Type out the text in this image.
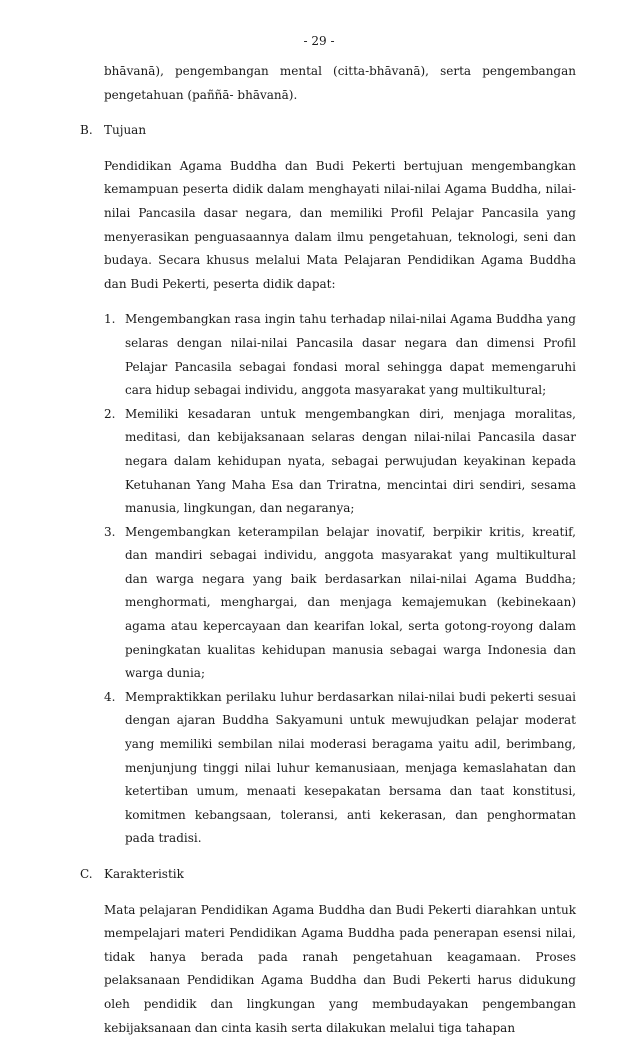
- 29 -

bhāvanā), pengembangan mental (citta-bhāvanā), serta pengembangan pengetahuan (paññā- bhāvanā).

B. Tujuan

Pendidikan Agama Buddha dan Budi Pekerti bertujuan mengembangkan kemampuan peserta didik dalam menghayati nilai-nilai Agama Buddha, nilai-nilai Pancasila dasar negara, dan memiliki Profil Pelajar Pancasila yang menyerasikan penguasaannya dalam ilmu pengetahuan, teknologi, seni dan budaya. Secara khusus melalui Mata Pelajaran Pendidikan Agama Buddha dan Budi Pekerti, peserta didik dapat:

1. Mengembangkan rasa ingin tahu terhadap nilai-nilai Agama Buddha yang selaras dengan nilai-nilai Pancasila dasar negara dan dimensi Profil Pelajar Pancasila sebagai fondasi moral sehingga dapat memengaruhi cara hidup sebagai individu, anggota masyarakat yang multikultural;
2. Memiliki kesadaran untuk mengembangkan diri, menjaga moralitas, meditasi, dan kebijaksanaan selaras dengan nilai-nilai Pancasila dasar negara dalam kehidupan nyata, sebagai perwujudan keyakinan kepada Ketuhanan Yang Maha Esa dan Triratna, mencintai diri sendiri, sesama manusia, lingkungan, dan negaranya;
3. Mengembangkan keterampilan belajar inovatif, berpikir kritis, kreatif, dan mandiri sebagai individu, anggota masyarakat yang multikultural dan warga negara yang baik berdasarkan nilai-nilai Agama Buddha; menghormati, menghargai, dan menjaga kemajemukan (kebinekaan) agama atau kepercayaan dan kearifan lokal, serta gotong-royong dalam peningkatan kualitas kehidupan manusia sebagai warga Indonesia dan warga dunia;
4. Mempraktikkan perilaku luhur berdasarkan nilai-nilai budi pekerti sesuai dengan ajaran Buddha Sakyamuni untuk mewujudkan pelajar moderat yang memiliki sembilan nilai moderasi beragama yaitu adil, berimbang, menjunjung tinggi nilai luhur kemanusiaan, menjaga kemaslahatan dan ketertiban umum, menaati kesepakatan bersama dan taat konstitusi, komitmen kebangsaan, toleransi, anti kekerasan, dan penghormatan pada tradisi.
C. Karakteristik

Mata pelajaran Pendidikan Agama Buddha dan Budi Pekerti diarahkan untuk mempelajari materi Pendidikan Agama Buddha pada penerapan esensi nilai, tidak hanya berada pada ranah pengetahuan keagamaan. Proses pelaksanaan Pendidikan Agama Buddha dan Budi Pekerti harus didukung oleh pendidik dan lingkungan yang membudayakan pengembangan kebijaksanaan dan cinta kasih serta dilakukan melalui tiga tahapan
